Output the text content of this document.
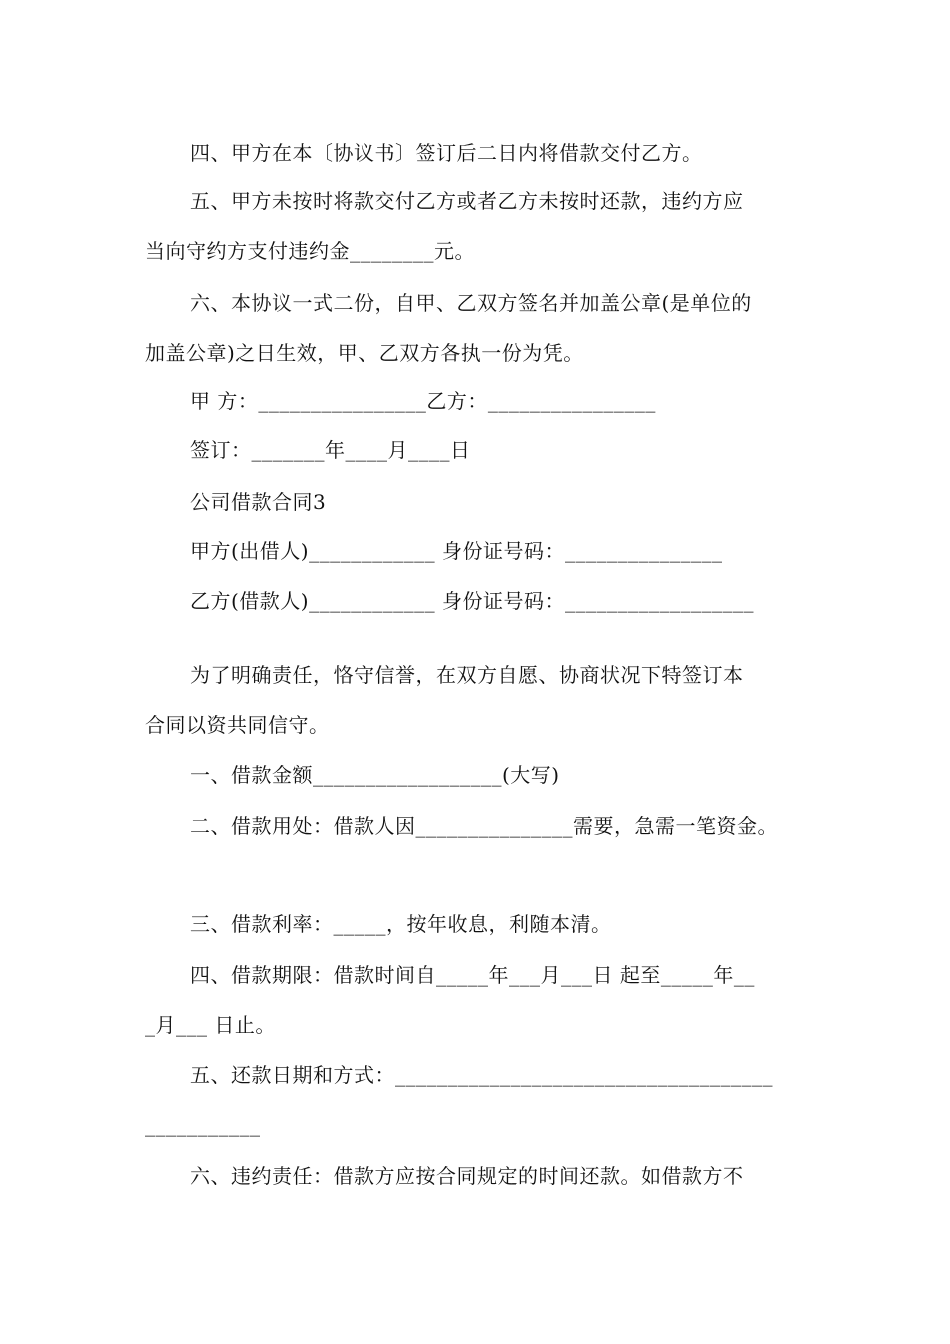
四、甲方在本〔协议书〕签订后二日内将借款交付乙方。
五、甲方未按时将款交付乙方或者乙方未按时还款，违约方应
当向守约方支付违约金________元。
六、本协议一式二份，自甲、乙双方签名并加盖公章(是单位的
加盖公章)之日生效，甲、乙双方各执一份为凭。
甲 方：________________乙方：________________
签订：_______年____月____日
公司借款合同3
甲方(出借人)____________ 身份证号码：_______________
乙方(借款人)____________ 身份证号码：__________________
为了明确责任，恪守信誉，在双方自愿、协商状况下特签订本
合同以资共同信守。
一、借款金额__________________(大写)
二、借款用处：借款人因_______________需要，急需一笔资金。
三、借款利率：_____，按年收息，利随本清。
四、借款期限：借款时间自_____年___月___日 起至_____年__
_月___ 日止。
五、还款日期和方式：____________________________________
___________
六、违约责任：借款方应按合同规定的时间还款。如借款方不
